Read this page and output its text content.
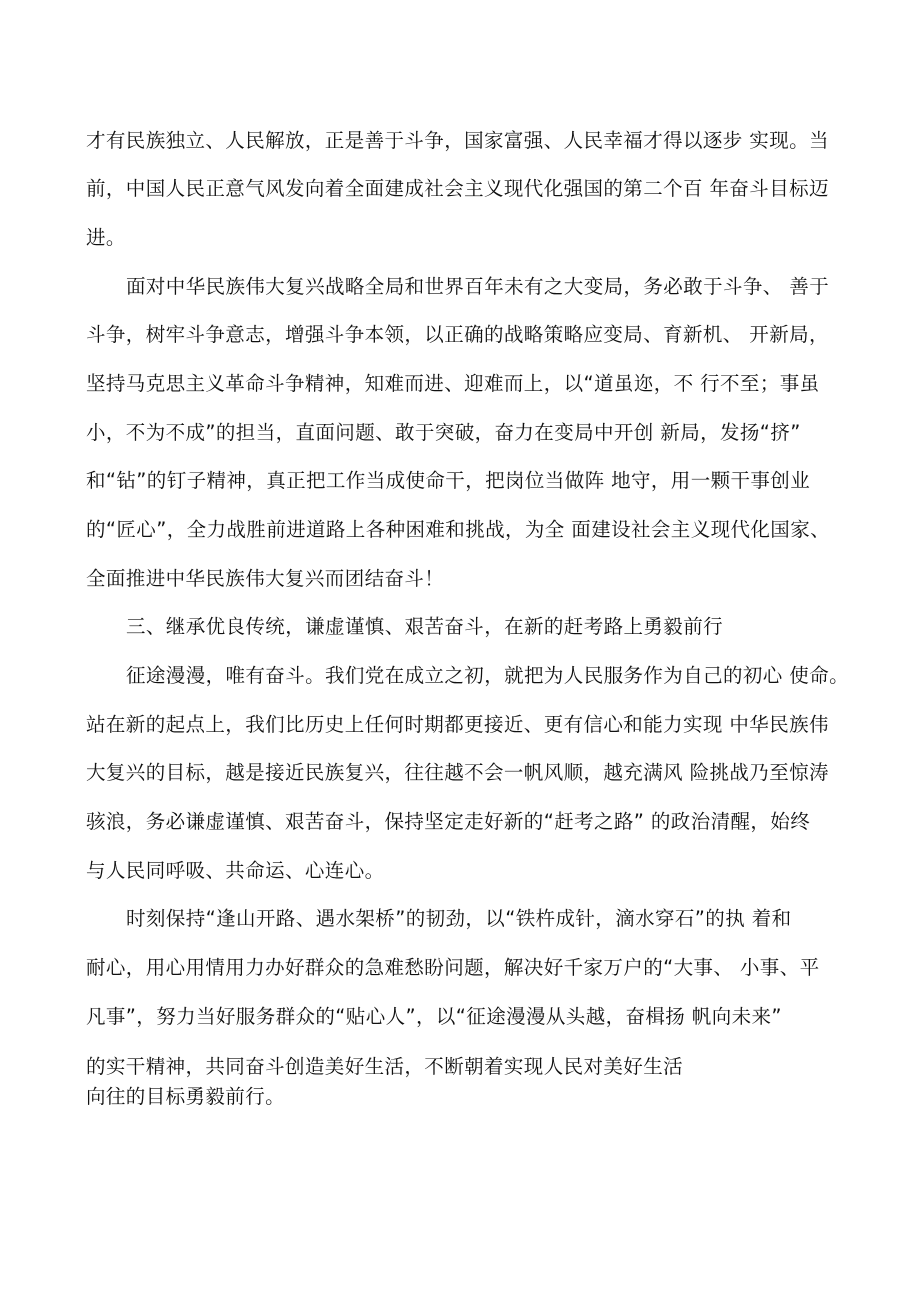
才有民族独立、人民解放，正是善于斗争，国家富强、人民幸福才得以逐步 实现。当
前，中国人民正意气风发向着全面建成社会主义现代化强国的第二个百 年奋斗目标迈
进。
面对中华民族伟大复兴战略全局和世界百年未有之大变局，务必敢于斗争、 善于
斗争，树牢斗争意志，增强斗争本领，以正确的战略策略应变局、育新机、 开新局，
坚持马克思主义革命斗争精神，知难而进、迎难而上，以“道虽迩，不 行不至；事虽
小，不为不成”的担当，直面问题、敢于突破，奋力在变局中开创 新局，发扬“挤”
和“钻”的钉子精神，真正把工作当成使命干，把岗位当做阵 地守，用一颗干事创业
的“匠心”，全力战胜前进道路上各种困难和挑战，为全 面建设社会主义现代化国家、
全面推进中华民族伟大复兴而团结奋斗！
三、继承优良传统，谦虚谨慎、艰苦奋斗，在新的赶考路上勇毅前行
征途漫漫，唯有奋斗。我们党在成立之初，就把为人民服务作为自己的初心 使命。
站在新的起点上，我们比历史上任何时期都更接近、更有信心和能力实现 中华民族伟
大复兴的目标，越是接近民族复兴，往往越不会一帆风顺，越充满风 险挑战乃至惊涛
骇浪，务必谦虚谨慎、艰苦奋斗，保持坚定走好新的“赶考之路” 的政治清醒，始终
与人民同呼吸、共命运、心连心。
时刻保持“逢山开路、遇水架桥”的韧劲，以“铁杵成针，滴水穿石”的执 着和
耐心，用心用情用力办好群众的急难愁盼问题，解决好千家万户的“大事、 小事、平
凡事”，努力当好服务群众的“贴心人”，以“征途漫漫从头越，奋楫扬 帆向未来”
的实干精神，共同奋斗创造美好生活，不断朝着实现人民对美好生活
向往的目标勇毅前行。
